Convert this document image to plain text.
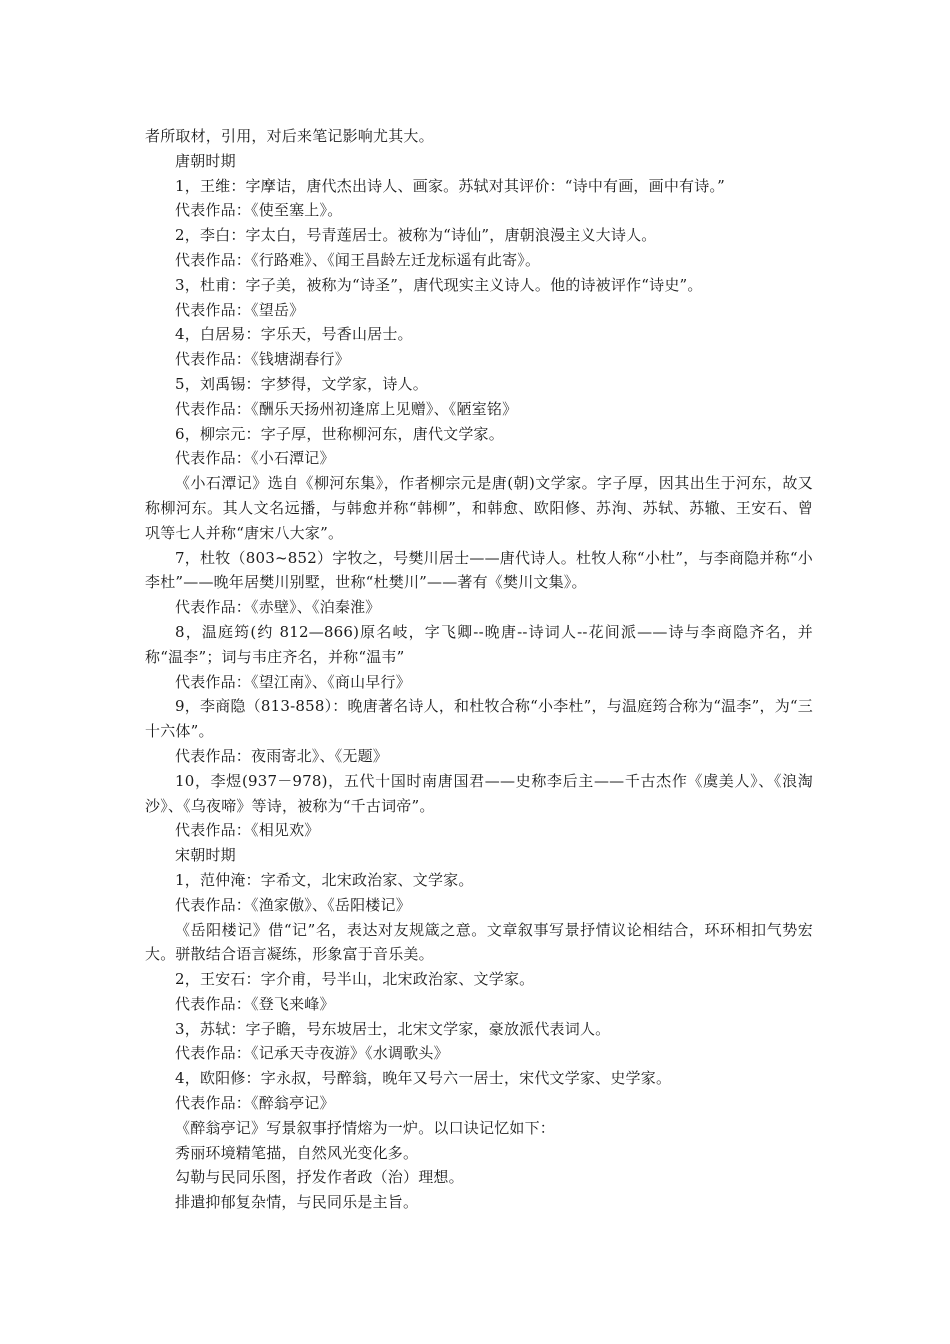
者所取材，引用，对后来笔记影响尤其大。

唐朝时期

1，王维：字摩诘，唐代杰出诗人、画家。苏轼对其评价：“诗中有画，画中有诗。”

代表作品：《使至塞上》。

2，李白：字太白，号青莲居士。被称为“诗仙”，唐朝浪漫主义大诗人。

代表作品：《行路难》、《闻王昌龄左迁龙标遥有此寄》。

3，杜甫：字子美，被称为“诗圣”，唐代现实主义诗人。他的诗被评作“诗史”。

代表作品：《望岳》

4，白居易：字乐天，号香山居士。

代表作品：《钱塘湖春行》

5，刘禹锡：字梦得，文学家，诗人。

代表作品：《酬乐天扬州初逢席上见赠》、《陋室铭》

6，柳宗元：字子厚，世称柳河东，唐代文学家。

代表作品：《小石潭记》

《小石潭记》选自《柳河东集》，作者柳宗元是唐(朝)文学家。字子厚，因其出生于河东，故又称柳河东。其人文名远播，与韩愈并称“韩柳”，和韩愈、欧阳修、苏洵、苏轼、苏辙、王安石、曾巩等七人并称“唐宋八大家”。

7，杜牧（803~852）字牧之，号樊川居士——唐代诗人。杜牧人称“小杜”，与李商隐并称“小李杜”——晚年居樊川别墅，世称“杜樊川”——著有《樊川文集》。

代表作品：《赤壁》、《泊秦淮》

8，温庭筠(约 812—866)原名岐，字飞卿--晚唐--诗词人--花间派——诗与李商隐齐名，并称“温李”；词与韦庄齐名，并称“温韦”

代表作品：《望江南》、《商山早行》

9，李商隐（813-858）：晚唐著名诗人，和杜牧合称“小李杜”，与温庭筠合称为“温李”，为“三十六体”。

代表作品：夜雨寄北》、《无题》

10，李煜(937－978)，五代十国时南唐国君——史称李后主——千古杰作《虞美人》、《浪淘沙》、《乌夜啼》等诗，被称为“千古词帝”。

代表作品：《相见欢》

宋朝时期

1，范仲淹：字希文，北宋政治家、文学家。

代表作品：《渔家傲》、《岳阳楼记》

《岳阳楼记》借“记”名，表达对友规箴之意。文章叙事写景抒情议论相结合，环环相扣气势宏大。骈散结合语言凝练，形象富于音乐美。

2，王安石：字介甫，号半山，北宋政治家、文学家。

代表作品：《登飞来峰》

3，苏轼：字子瞻，号东坡居士，北宋文学家，豪放派代表词人。

代表作品：《记承天寺夜游》《水调歌头》

4，欧阳修：字永叔，号醉翁，晚年又号六一居士，宋代文学家、史学家。

代表作品：《醉翁亭记》

《醉翁亭记》写景叙事抒情熔为一炉。以口诀记忆如下：

秀丽环境精笔描，自然风光变化多。

勾勒与民同乐图，抒发作者政（治）理想。

排遣抑郁复杂情，与民同乐是主旨。
